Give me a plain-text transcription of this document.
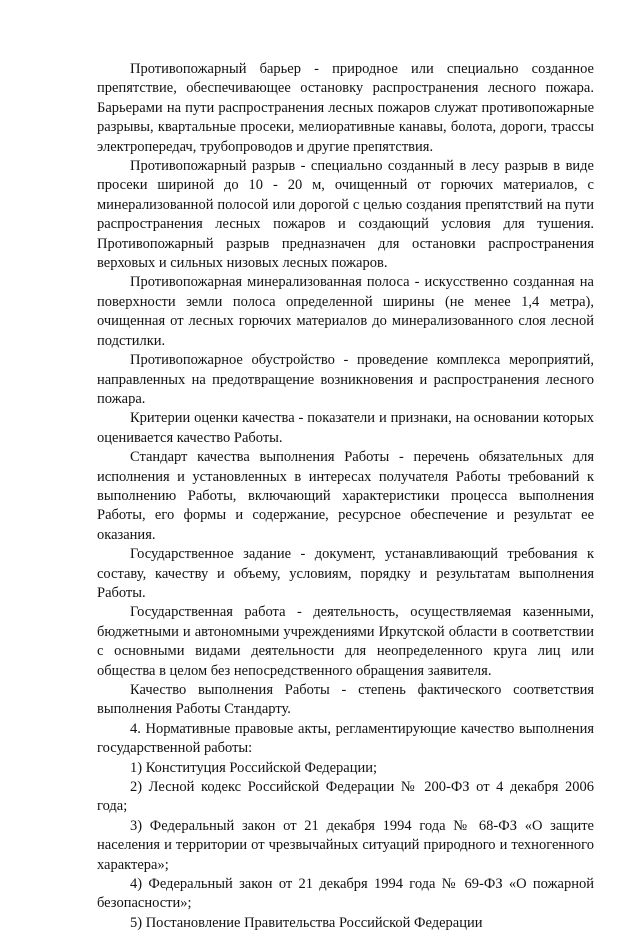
Противопожарный барьер - природное или специально созданное препятствие, обеспечивающее остановку распространения лесного пожара. Барьерами на пути распространения лесных пожаров служат противопожарные разрывы, квартальные просеки, мелиоративные канавы, болота, дороги, трассы электропередач, трубопроводов и другие препятствия.

Противопожарный разрыв - специально созданный в лесу разрыв в виде просеки шириной до 10 - 20 м, очищенный от горючих материалов, с минерализованной полосой или дорогой с целью создания препятствий на пути распространения лесных пожаров и создающий условия для тушения. Противопожарный разрыв предназначен для остановки распространения верховых и сильных низовых лесных пожаров.

Противопожарная минерализованная полоса - искусственно созданная на поверхности земли полоса определенной ширины (не менее 1,4 метра), очищенная от лесных горючих материалов до минерализованного слоя лесной подстилки.

Противопожарное обустройство - проведение комплекса мероприятий, направленных на предотвращение возникновения и распространения лесного пожара.

Критерии оценки качества - показатели и признаки, на основании которых оценивается качество Работы.

Стандарт качества выполнения Работы - перечень обязательных для исполнения и установленных в интересах получателя Работы требований к выполнению Работы, включающий характеристики процесса выполнения Работы, его формы и содержание, ресурсное обеспечение и результат ее оказания.

Государственное задание - документ, устанавливающий требования к составу, качеству и объему, условиям, порядку и результатам выполнения Работы.

Государственная работа - деятельность, осуществляемая казенными, бюджетными и автономными учреждениями Иркутской области в соответствии с основными видами деятельности для неопределенного круга лиц или общества в целом без непосредственного обращения заявителя.

Качество выполнения Работы - степень фактического соответствия выполнения Работы Стандарту.

4. Нормативные правовые акты, регламентирующие качество выполнения государственной работы:

1) Конституция Российской Федерации;

2) Лесной кодекс Российской Федерации № 200-ФЗ от 4 декабря 2006 года;

3) Федеральный закон от 21 декабря 1994 года № 68-ФЗ «О защите населения и территории от чрезвычайных ситуаций природного и техногенного характера»;

4) Федеральный закон от 21 декабря 1994 года № 69-ФЗ «О пожарной безопасности»;

5) Постановление Правительства Российской Федерации
